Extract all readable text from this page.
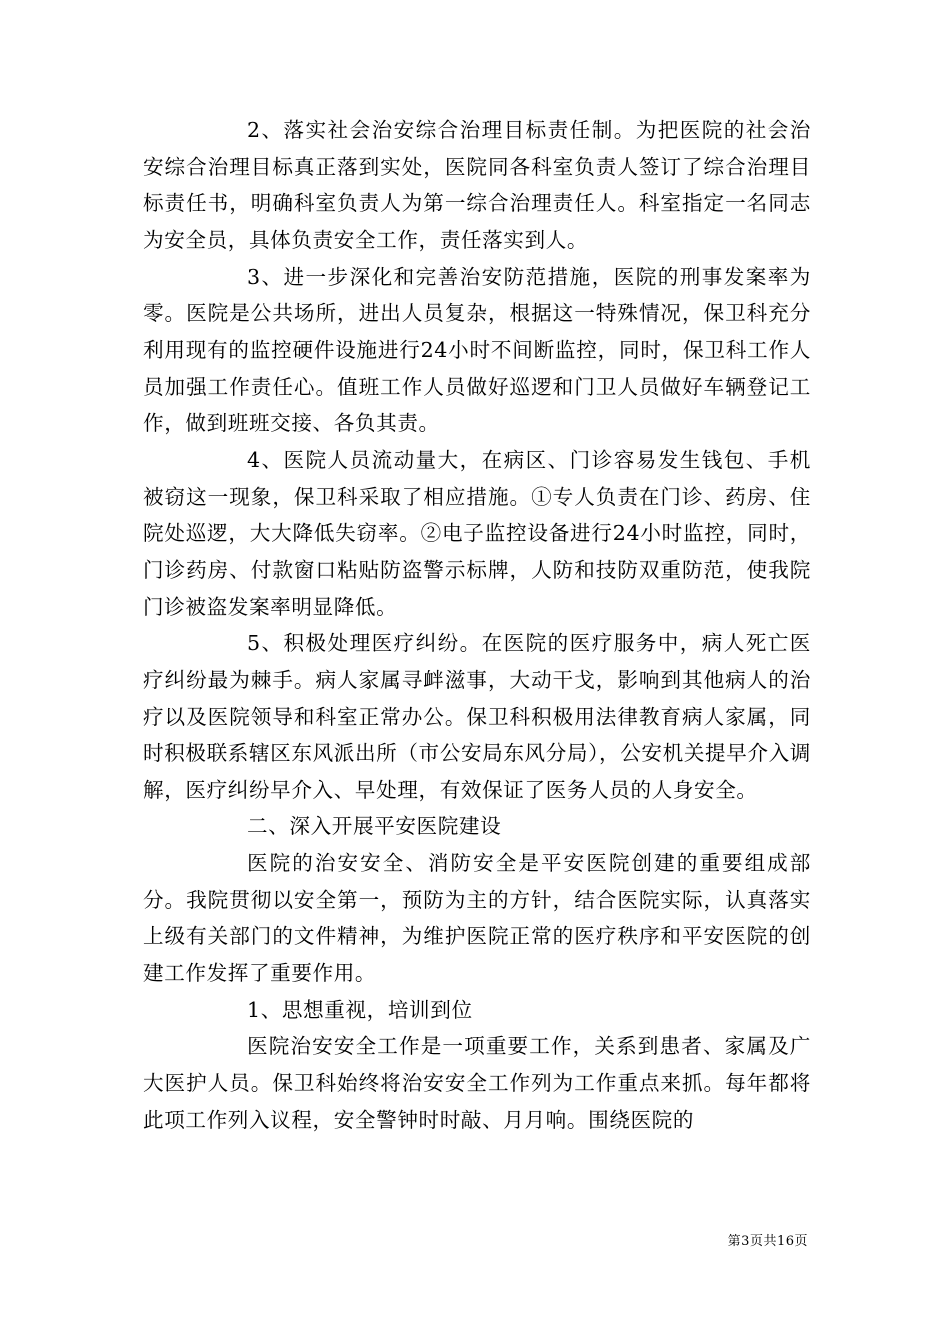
2、落实社会治安综合治理目标责任制。为把医院的社会治安综合治理目标真正落到实处，医院同各科室负责人签订了综合治理目标责任书，明确科室负责人为第一综合治理责任人。科室指定一名同志为安全员，具体负责安全工作，责任落实到人。

3、进一步深化和完善治安防范措施，医院的刑事发案率为零。医院是公共场所，进出人员复杂，根据这一特殊情况，保卫科充分利用现有的监控硬件设施进行24小时不间断监控，同时，保卫科工作人员加强工作责任心。值班工作人员做好巡逻和门卫人员做好车辆登记工作，做到班班交接、各负其责。

4、医院人员流动量大，在病区、门诊容易发生钱包、手机被窃这一现象，保卫科采取了相应措施。①专人负责在门诊、药房、住院处巡逻，大大降低失窃率。②电子监控设备进行24小时监控，同时，门诊药房、付款窗口粘贴防盗警示标牌，人防和技防双重防范，使我院门诊被盗发案率明显降低。

5、积极处理医疗纠纷。在医院的医疗服务中，病人死亡医疗纠纷最为棘手。病人家属寻衅滋事，大动干戈，影响到其他病人的治疗以及医院领导和科室正常办公。保卫科积极用法律教育病人家属，同时积极联系辖区东风派出所（市公安局东风分局），公安机关提早介入调解，医疗纠纷早介入、早处理，有效保证了医务人员的人身安全。

二、深入开展平安医院建设

医院的治安安全、消防安全是平安医院创建的重要组成部分。我院贯彻以安全第一，预防为主的方针，结合医院实际，认真落实上级有关部门的文件精神，为维护医院正常的医疗秩序和平安医院的创建工作发挥了重要作用。

1、思想重视，培训到位

医院治安安全工作是一项重要工作，关系到患者、家属及广大医护人员。保卫科始终将治安安全工作列为工作重点来抓。每年都将此项工作列入议程，安全警钟时时敲、月月响。围绕医院的

第3页共16页
